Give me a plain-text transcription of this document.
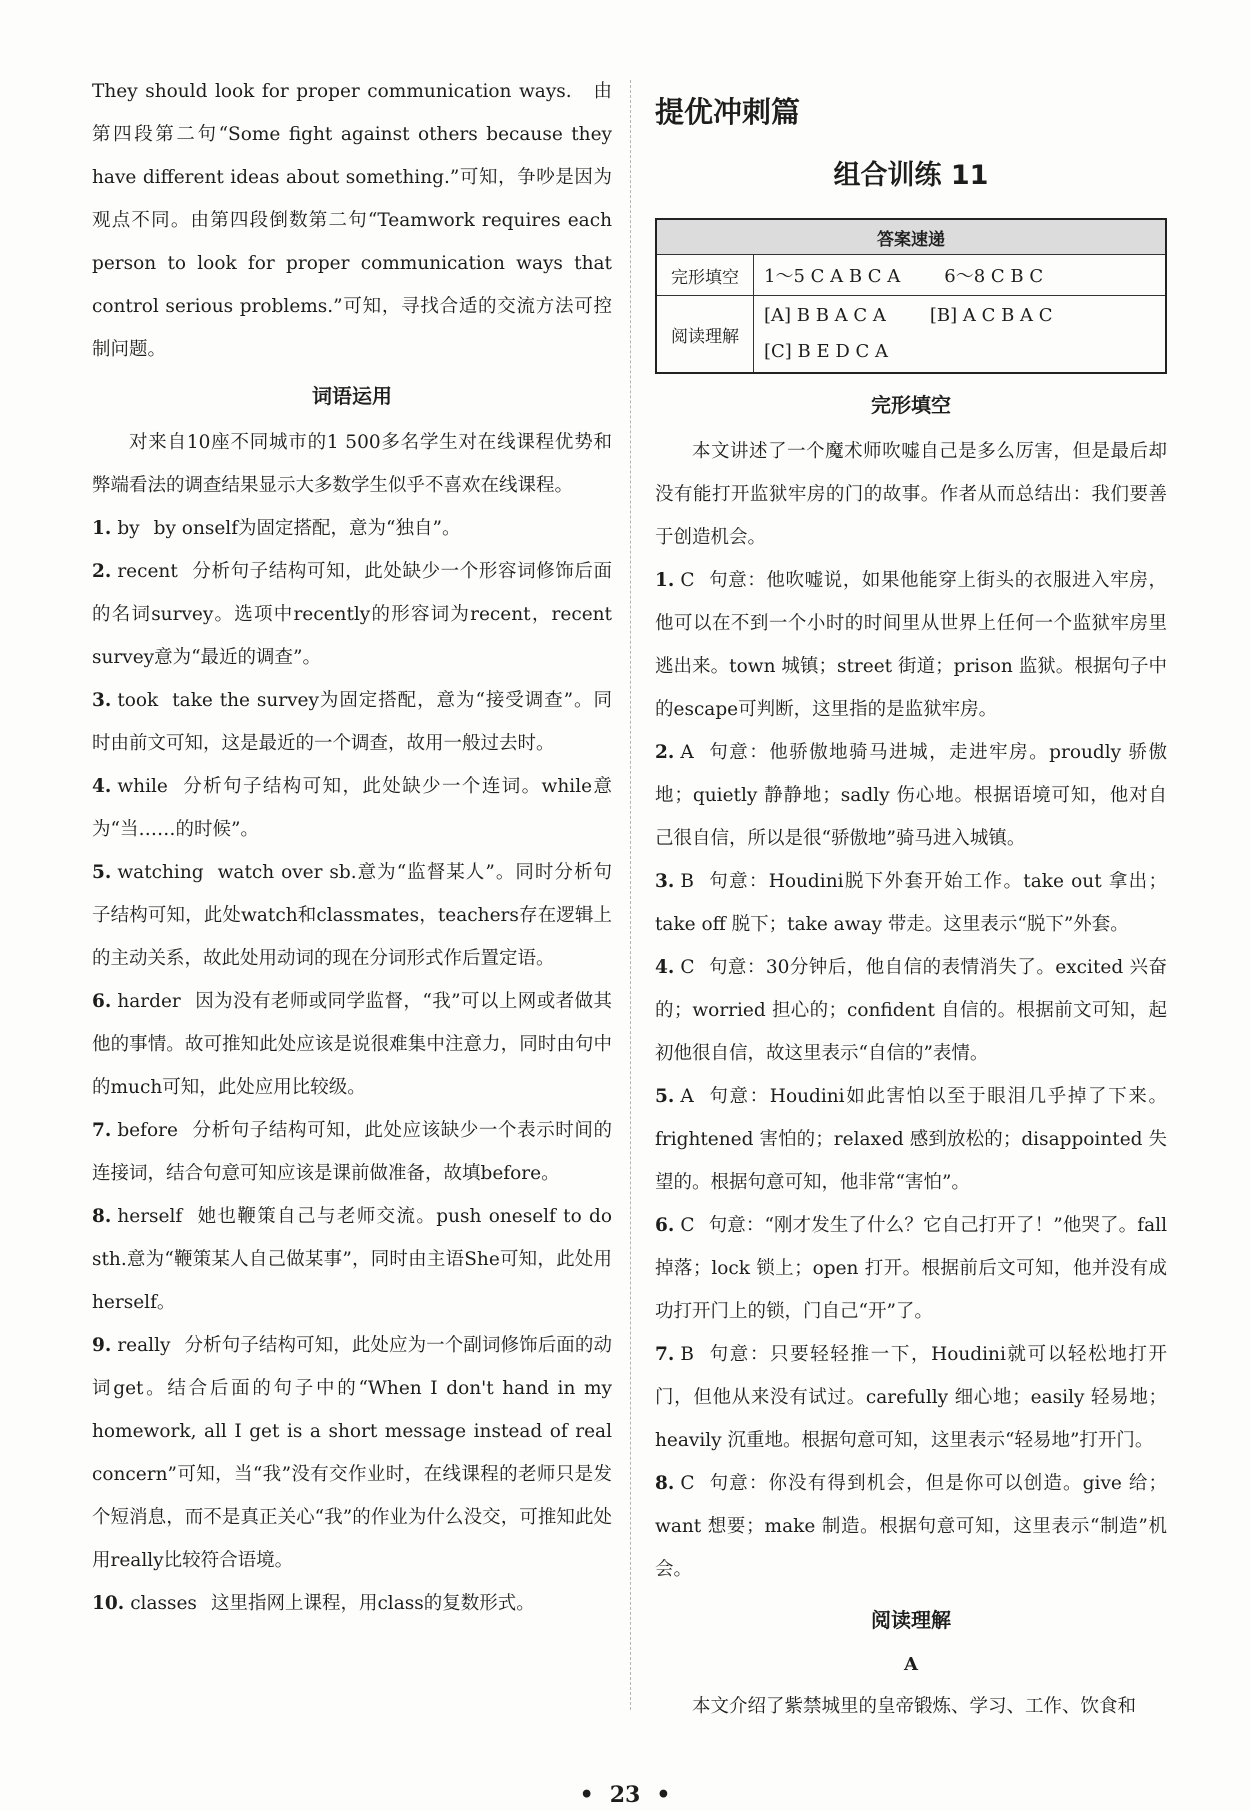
They should look for proper communication ways.　由第四段第二句“Some fight against others because they have different ideas about something.”可知，争吵是因为观点不同。由第四段倒数第二句“Teamwork requires each person to look for proper communication ways that control serious problems.”可知，寻找合适的交流方法可控制问题。

词语运用

对来自10座不同城市的1 500多名学生对在线课程优势和弊端看法的调查结果显示大多数学生似乎不喜欢在线课程。

1. by by onself为固定搭配，意为“独自”。

2. recent 分析句子结构可知，此处缺少一个形容词修饰后面的名词survey。选项中recently的形容词为recent，recent survey意为“最近的调查”。

3. took take the survey为固定搭配，意为“接受调查”。同时由前文可知，这是最近的一个调查，故用一般过去时。

4. while 分析句子结构可知，此处缺少一个连词。while意为“当……的时候”。

5. watching watch over sb.意为“监督某人”。同时分析句子结构可知，此处watch和classmates，teachers存在逻辑上的主动关系，故此处用动词的现在分词形式作后置定语。

6. harder 因为没有老师或同学监督，“我”可以上网或者做其他的事情。故可推知此处应该是说很难集中注意力，同时由句中的much可知，此处应用比较级。

7. before 分析句子结构可知，此处应该缺少一个表示时间的连接词，结合句意可知应该是课前做准备，故填before。

8. herself 她也鞭策自己与老师交流。push oneself to do sth.意为“鞭策某人自己做某事”，同时由主语She可知，此处用herself。

9. really 分析句子结构可知，此处应为一个副词修饰后面的动词get。结合后面的句子中的“When I don't hand in my homework, all I get is a short message instead of real concern”可知，当“我”没有交作业时，在线课程的老师只是发个短消息，而不是真正关心“我”的作业为什么没交，可推知此处用really比较符合语境。

10. classes 这里指网上课程，用class的复数形式。

提优冲刺篇
组合训练 11
答案速递	
完形填空	1～5 C A B C A 6～8 C B C
阅读理解	[A] B B A C A [B] A C B A C
[C] B E D C A
完形填空

本文讲述了一个魔术师吹嘘自己是多么厉害，但是最后却没有能打开监狱牢房的门的故事。作者从而总结出：我们要善于创造机会。

1. C 句意：他吹嘘说，如果他能穿上街头的衣服进入牢房，他可以在不到一个小时的时间里从世界上任何一个监狱牢房里逃出来。town 城镇；street 街道；prison 监狱。根据句子中的escape可判断，这里指的是监狱牢房。

2. A 句意：他骄傲地骑马进城，走进牢房。proudly 骄傲地；quietly 静静地；sadly 伤心地。根据语境可知，他对自己很自信，所以是很“骄傲地”骑马进入城镇。

3. B 句意：Houdini脱下外套开始工作。take out 拿出；take off 脱下；take away 带走。这里表示“脱下”外套。

4. C 句意：30分钟后，他自信的表情消失了。excited 兴奋的；worried 担心的；confident 自信的。根据前文可知，起初他很自信，故这里表示“自信的”表情。

5. A 句意：Houdini如此害怕以至于眼泪几乎掉了下来。frightened 害怕的；relaxed 感到放松的；disappointed 失望的。根据句意可知，他非常“害怕”。

6. C 句意：“刚才发生了什么？它自己打开了！”他哭了。fall 掉落；lock 锁上；open 打开。根据前后文可知，他并没有成功打开门上的锁，门自己“开”了。

7. B 句意：只要轻轻推一下，Houdini就可以轻松地打开门，但他从来没有试过。carefully 细心地；easily 轻易地；heavily 沉重地。根据句意可知，这里表示“轻易地”打开门。

8. C 句意：你没有得到机会，但是你可以创造。give 给；want 想要；make 制造。根据句意可知，这里表示“制造”机会。

阅读理解
A

本文介绍了紫禁城里的皇帝锻炼、学习、工作、饮食和

• 23 •
